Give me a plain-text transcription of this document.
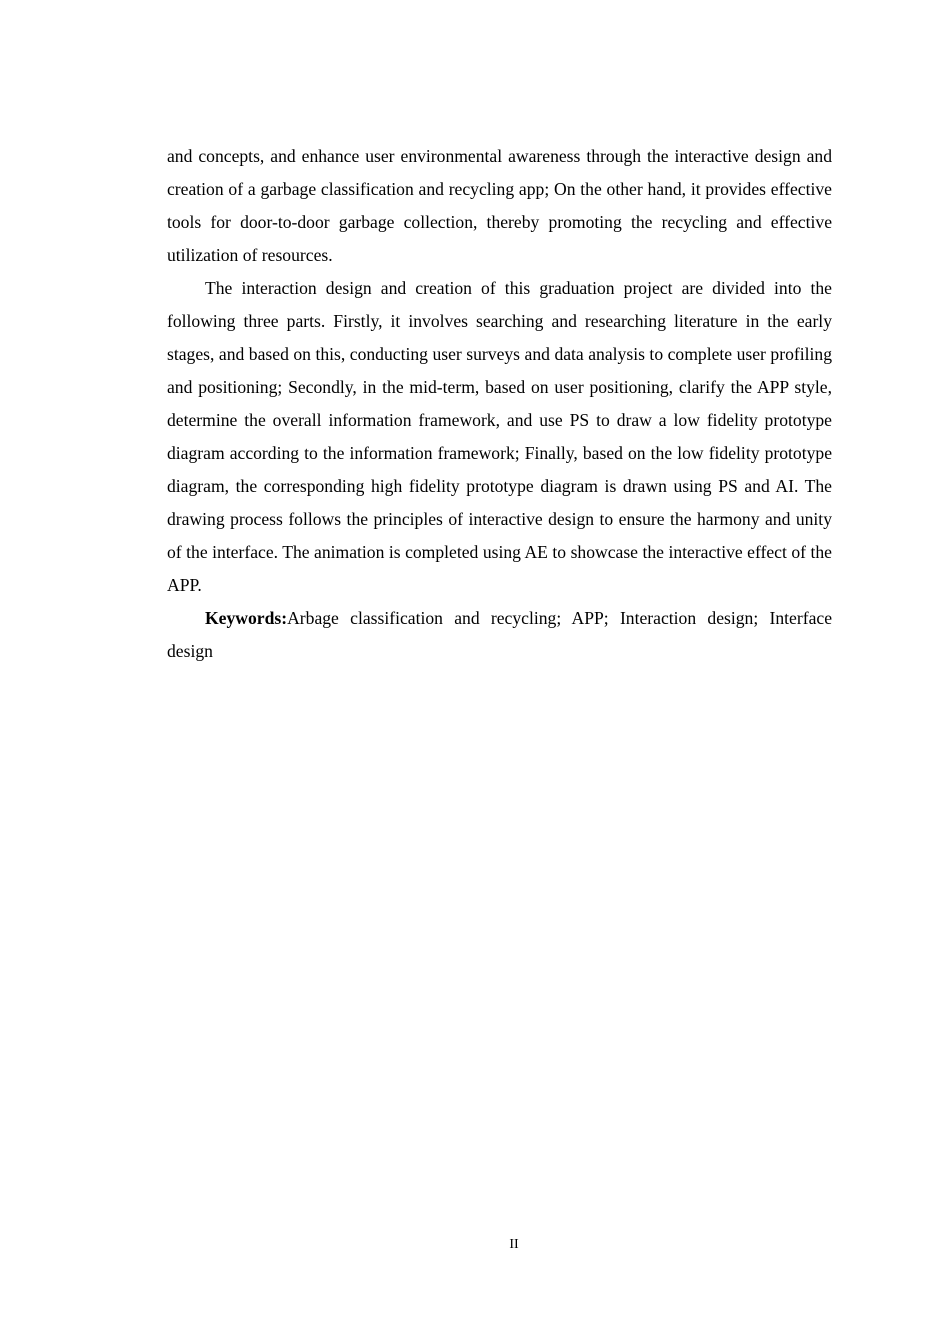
and concepts, and enhance user environmental awareness through the interactive design and creation of a garbage classification and recycling app; On the other hand, it provides effective tools for door-to-door garbage collection, thereby promoting the recycling and effective utilization of resources.

The interaction design and creation of this graduation project are divided into the following three parts. Firstly, it involves searching and researching literature in the early stages, and based on this, conducting user surveys and data analysis to complete user profiling and positioning; Secondly, in the mid-term, based on user positioning, clarify the APP style, determine the overall information framework, and use PS to draw a low fidelity prototype diagram according to the information framework; Finally, based on the low fidelity prototype diagram, the corresponding high fidelity prototype diagram is drawn using PS and AI. The drawing process follows the principles of interactive design to ensure the harmony and unity of the interface. The animation is completed using AE to showcase the interactive effect of the APP.

Keywords:Arbage classification and recycling; APP; Interaction design; Interface design

II
